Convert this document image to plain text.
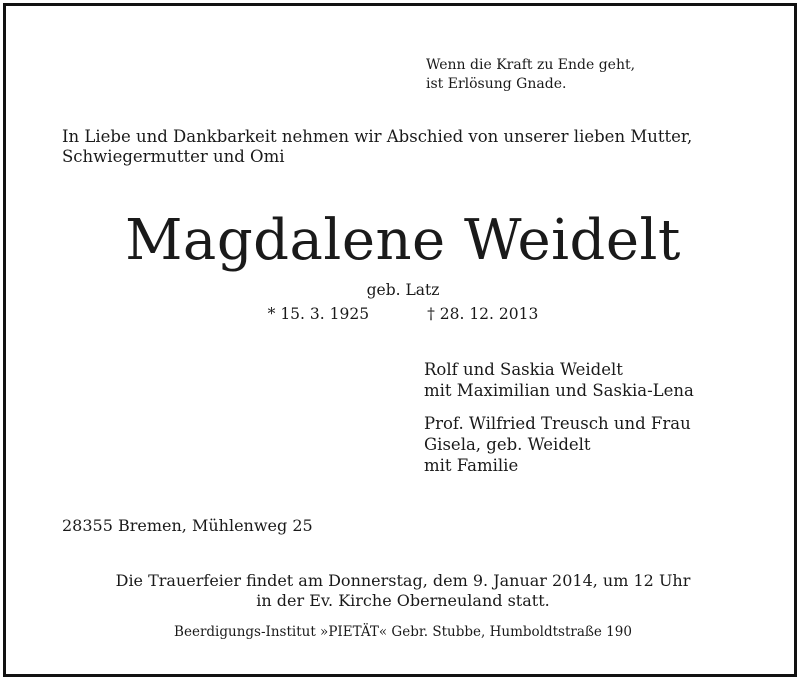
Wenn die Kraft zu Ende geht,
ist Erlösung Gnade.
In Liebe und Dankbarkeit nehmen wir Abschied von unserer lieben Mutter,
Schwiegermutter und Omi
Magdalene Weidelt
geb. Latz
* 15. 3. 1925	† 28. 12. 2013
Rolf und Saskia Weidelt
mit Maximilian und Saskia-Lena
Prof. Wilfried Treusch und Frau
Gisela, geb. Weidelt
mit Familie
28355 Bremen, Mühlenweg 25
Die Trauerfeier findet am Donnerstag, dem 9. Januar 2014, um 12 Uhr
in der Ev. Kirche Oberneuland statt.
Beerdigungs-Institut »PIETÄT« Gebr. Stubbe, Humboldtstraße 190
